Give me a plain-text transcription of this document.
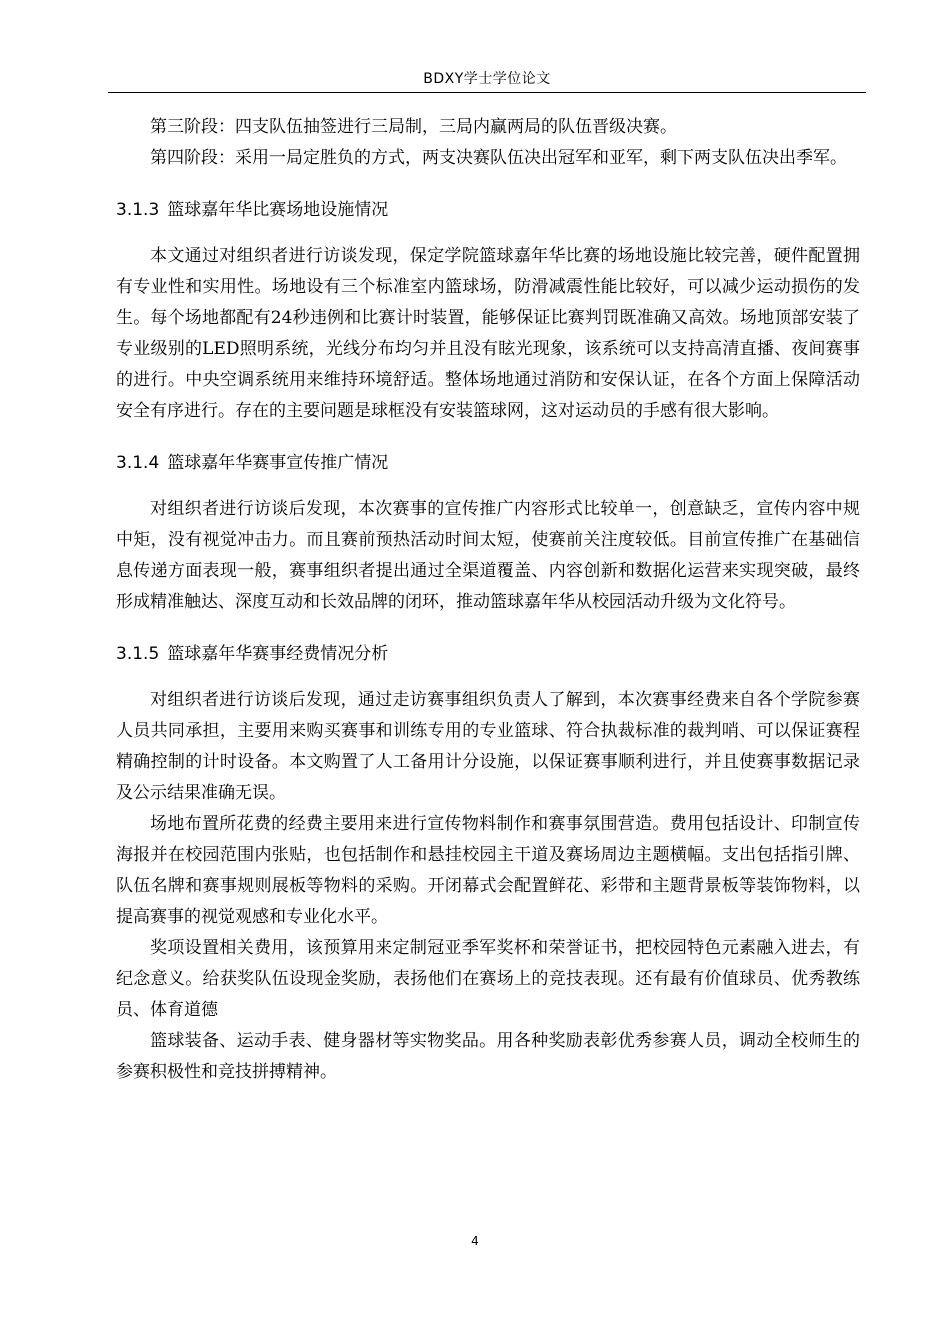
BDXY学士学位论文

第三阶段：四支队伍抽签进行三局制，三局内赢两局的队伍晋级决赛。

第四阶段：采用一局定胜负的方式，两支决赛队伍决出冠军和亚军，剩下两支队伍决出季军。

3.1.3 篮球嘉年华比赛场地设施情况

本文通过对组织者进行访谈发现，保定学院篮球嘉年华比赛的场地设施比较完善，硬件配置拥有专业性和实用性。场地设有三个标准室内篮球场，防滑减震性能比较好，可以减少运动损伤的发生。每个场地都配有24秒违例和比赛计时装置，能够保证比赛判罚既准确又高效。场地顶部安装了专业级别的LED照明系统，光线分布均匀并且没有眩光现象，该系统可以支持高清直播、夜间赛事的进行。中央空调系统用来维持环境舒适。整体场地通过消防和安保认证，在各个方面上保障活动安全有序进行。存在的主要问题是球框没有安装篮球网，这对运动员的手感有很大影响。

3.1.4 篮球嘉年华赛事宣传推广情况

对组织者进行访谈后发现，本次赛事的宣传推广内容形式比较单一，创意缺乏，宣传内容中规中矩，没有视觉冲击力。而且赛前预热活动时间太短，使赛前关注度较低。目前宣传推广在基础信息传递方面表现一般，赛事组织者提出通过全渠道覆盖、内容创新和数据化运营来实现突破，最终形成精准触达、深度互动和长效品牌的闭环，推动篮球嘉年华从校园活动升级为文化符号。

3.1.5 篮球嘉年华赛事经费情况分析

对组织者进行访谈后发现，通过走访赛事组织负责人了解到，本次赛事经费来自各个学院参赛人员共同承担，主要用来购买赛事和训练专用的专业篮球、符合执裁标准的裁判哨、可以保证赛程精确控制的计时设备。本文购置了人工备用计分设施，以保证赛事顺利进行，并且使赛事数据记录及公示结果准确无误。

场地布置所花费的经费主要用来进行宣传物料制作和赛事氛围营造。费用包括设计、印制宣传海报并在校园范围内张贴，也包括制作和悬挂校园主干道及赛场周边主题横幅。支出包括指引牌、队伍名牌和赛事规则展板等物料的采购。开闭幕式会配置鲜花、彩带和主题背景板等装饰物料，以提高赛事的视觉观感和专业化水平。

奖项设置相关费用，该预算用来定制冠亚季军奖杯和荣誉证书，把校园特色元素融入进去，有纪念意义。给获奖队伍设现金奖励，表扬他们在赛场上的竞技表现。还有最有价值球员、优秀教练员、体育道德

篮球装备、运动手表、健身器材等实物奖品。用各种奖励表彰优秀参赛人员，调动全校师生的参赛积极性和竞技拼搏精神。

4
